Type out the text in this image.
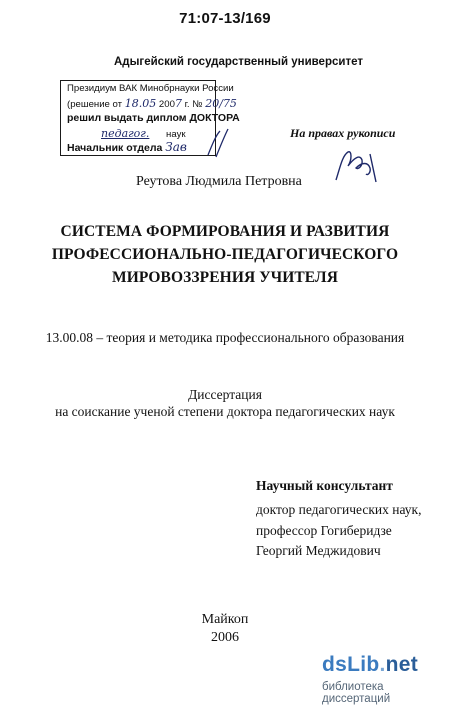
71:07-13/169
Адыгейский государственный университет
Президиум ВАК Минобрнауки России
(решение от 18.05 2007 г. № 20/75
решил выдать диплом ДОКТОРА
педагог. наук
Начальник отдела Зав
На правах рукописи
Реутова Людмила Петровна
СИСТЕМА ФОРМИРОВАНИЯ И РАЗВИТИЯ
ПРОФЕССИОНАЛЬНО-ПЕДАГОГИЧЕСКОГО
МИРОВОЗЗРЕНИЯ УЧИТЕЛЯ
13.00.08 – теория и методика профессионального образования
Диссертация
на соискание ученой степени доктора педагогических наук
Научный консультант
доктор педагогических наук,
профессор Гогиберидзе
Георгий Меджидович
Майкоп
2006
dsLib.net
библиотека диссертаций
